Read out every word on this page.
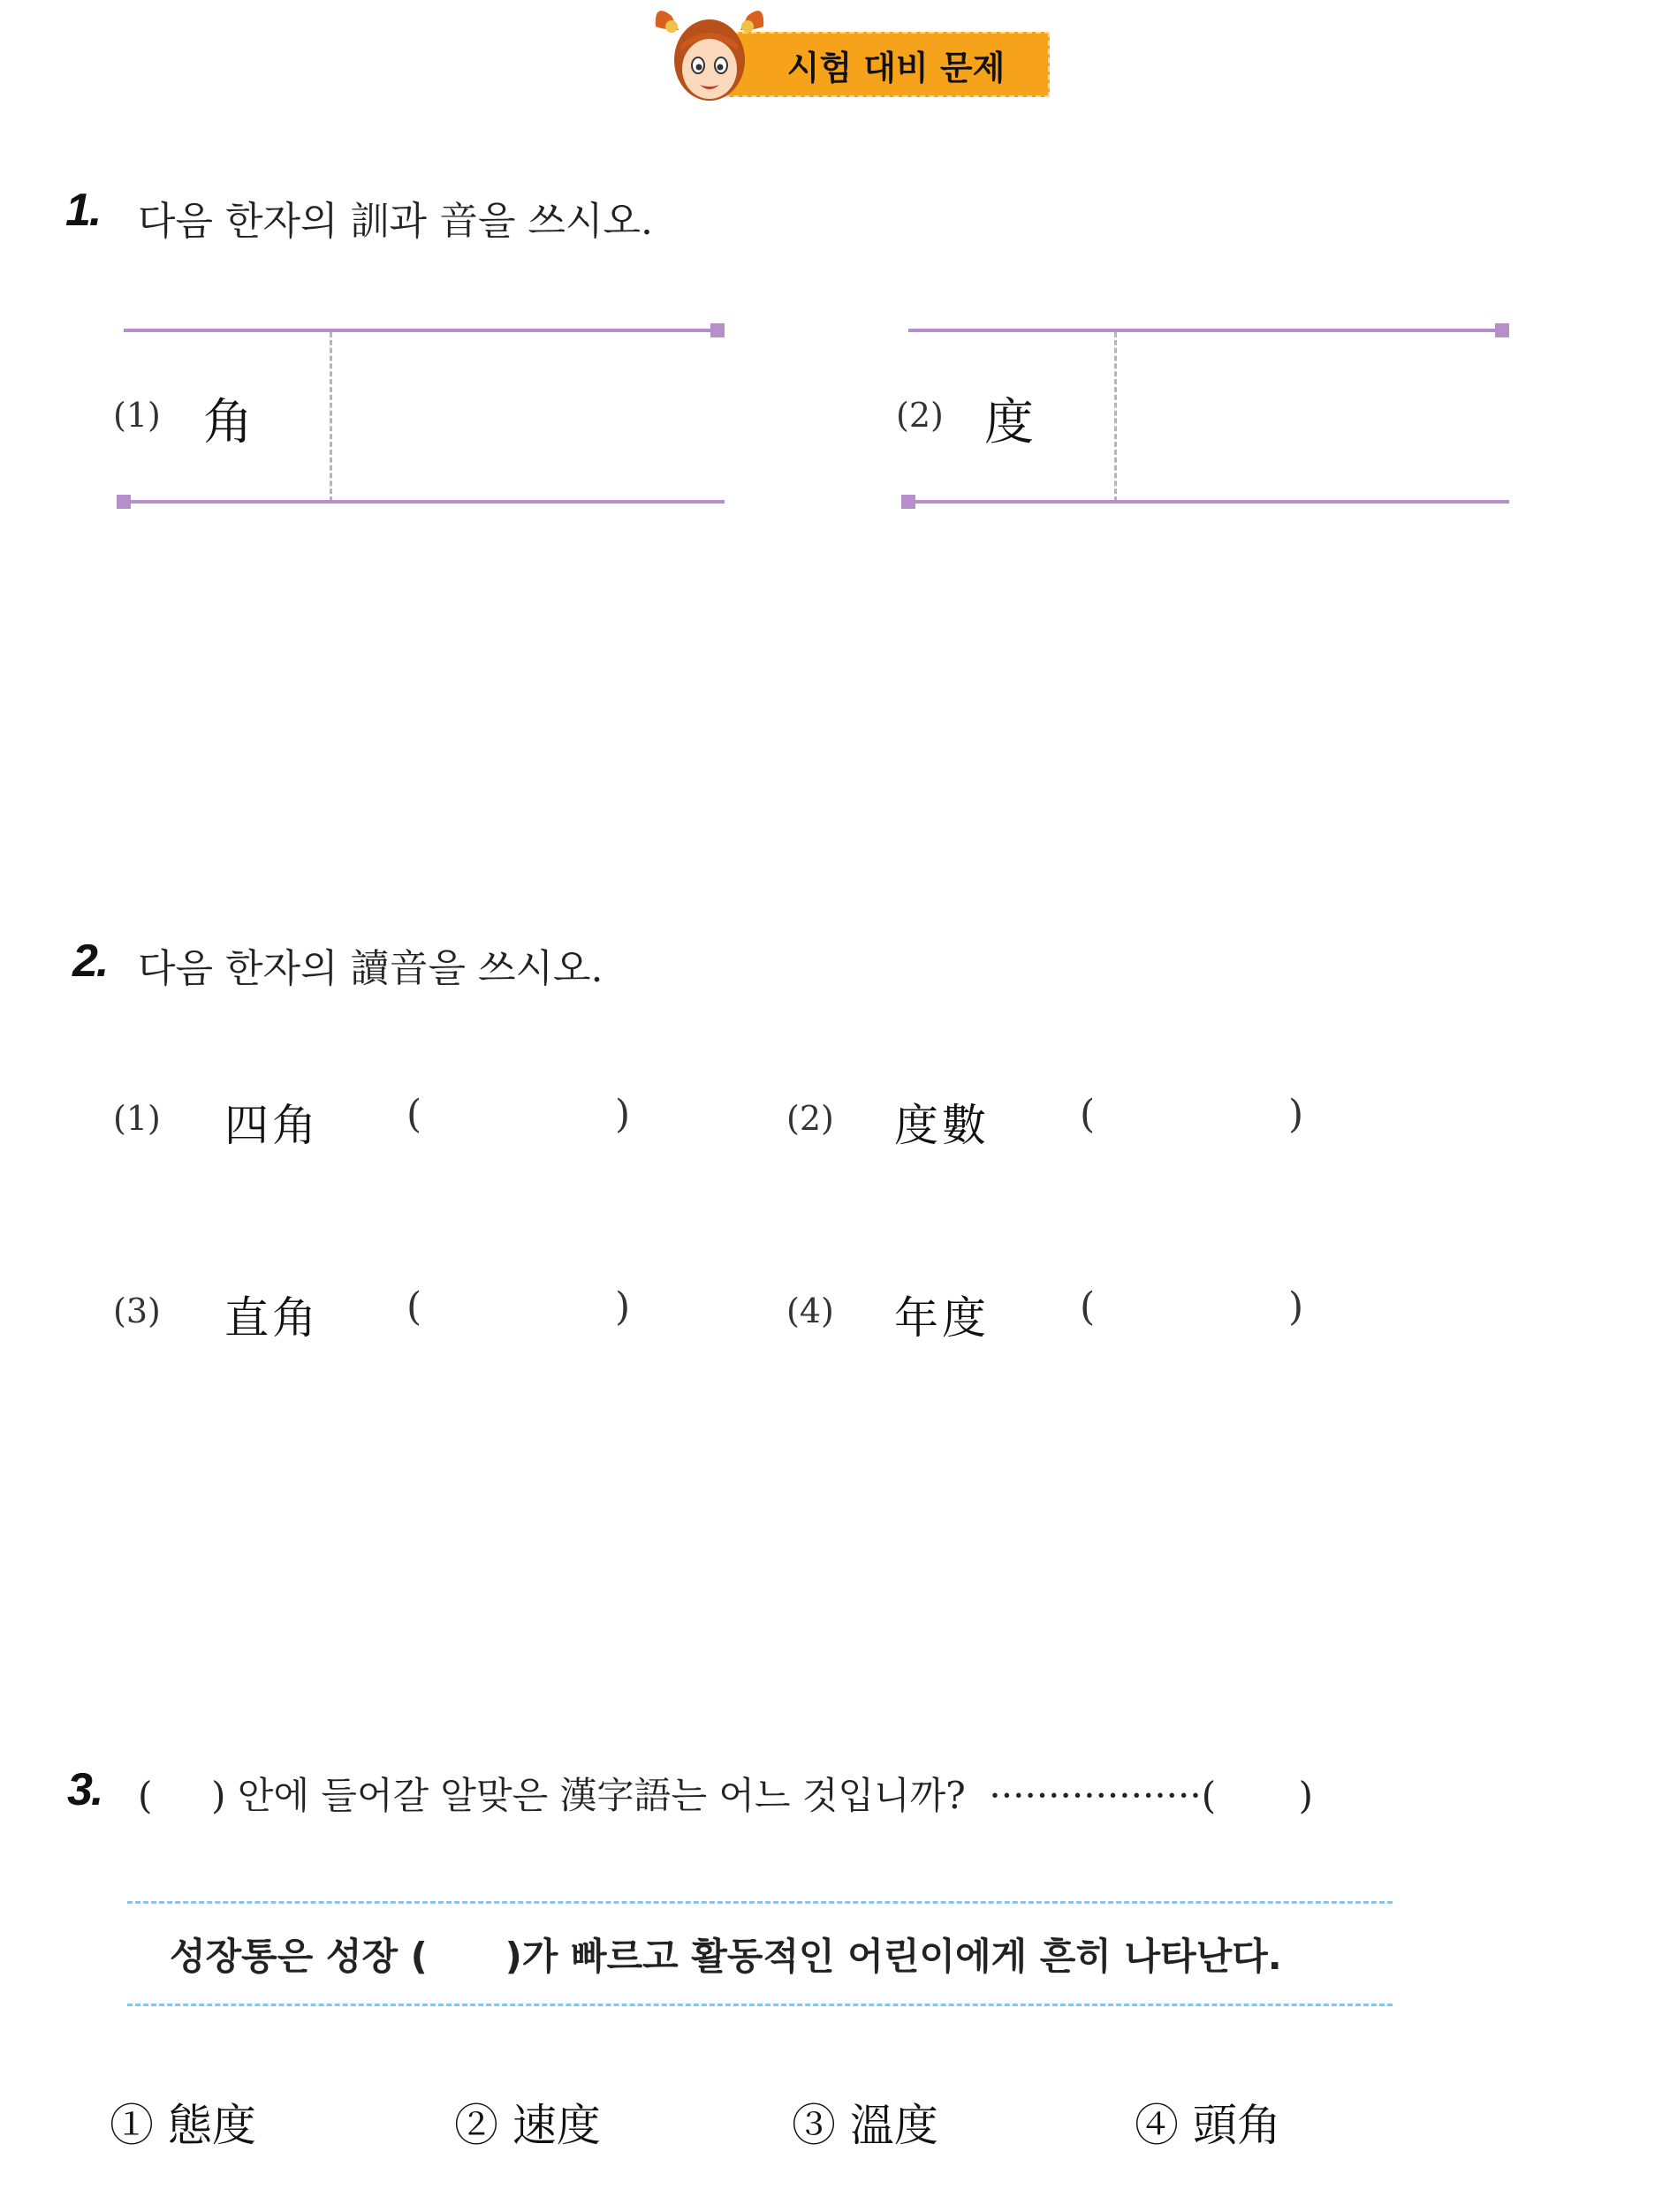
시험 대비 문제
1. 다음 한자의 訓과 音을 쓰시오.
(1) 角	(2) 度
2. 다음 한자의 讀音을 쓰시오.
(1) 四角 (	)	(2) 度數 (	)
(3) 直角 (	)	(4) 年度 (	)
3. (     ) 안에 들어갈 알맞은 漢字語는 어느 것입니까?  ··················(       )
성장통은 성장 (      )가 빠르고 활동적인 어린이에게 흔히 나타난다.
① 態度	② 速度	③ 溫度	④ 頭角
